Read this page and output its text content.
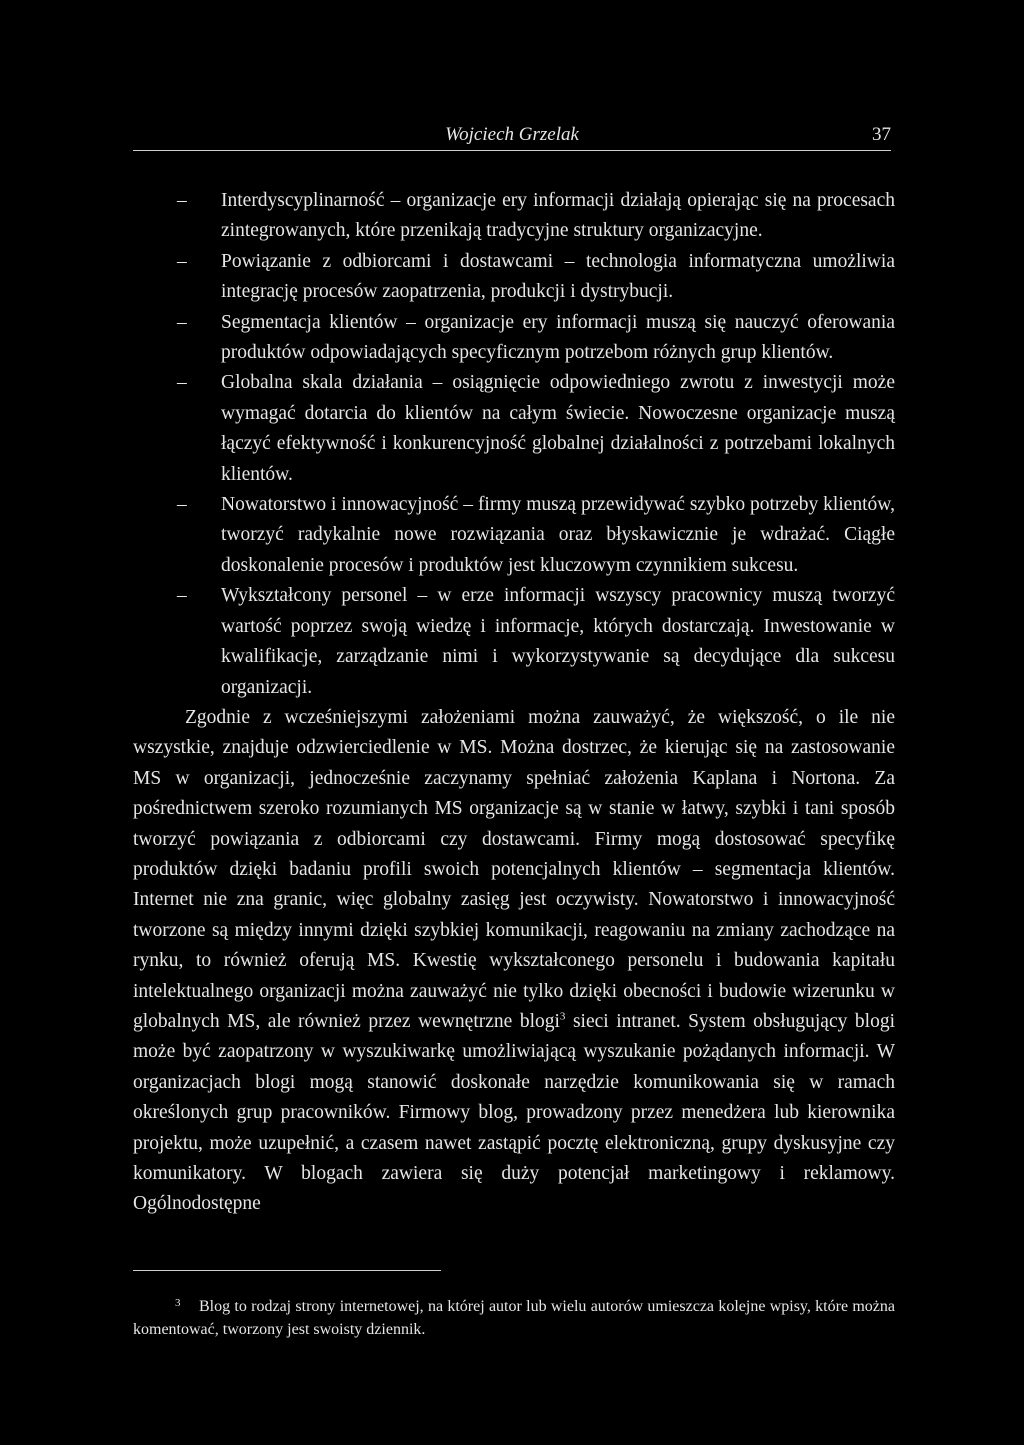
Wojciech Grzelak	37
– Interdyscyplinarność – organizacje ery informacji działają opierając się na procesach zintegrowanych, które przenikają tradycyjne struktury organizacyjne.
– Powiązanie z odbiorcami i dostawcami – technologia informatyczna umożliwia integrację procesów zaopatrzenia, produkcji i dystrybucji.
– Segmentacja klientów – organizacje ery informacji muszą się nauczyć oferowania produktów odpowiadających specyficznym potrzebom różnych grup klientów.
– Globalna skala działania – osiągnięcie odpowiedniego zwrotu z inwestycji może wymagać dotarcia do klientów na całym świecie. Nowoczesne organizacje muszą łączyć efektywność i konkurencyjność globalnej działalności z potrzebami lokalnych klientów.
– Nowatorstwo i innowacyjność – firmy muszą przewidywać szybko potrzeby klientów, tworzyć radykalnie nowe rozwiązania oraz błyskawicznie je wdrażać. Ciągłe doskonalenie procesów i produktów jest kluczowym czynnikiem sukcesu.
– Wykształcony personel – w erze informacji wszyscy pracownicy muszą tworzyć wartość poprzez swoją wiedzę i informacje, których dostarczają. Inwestowanie w kwalifikacje, zarządzanie nimi i wykorzystywanie są decydujące dla sukcesu organizacji.

Zgodnie z wcześniejszymi założeniami można zauważyć, że większość, o ile nie wszystkie, znajduje odzwierciedlenie w MS. Można dostrzec, że kierując się na zastosowanie MS w organizacji, jednocześnie zaczynamy spełniać założenia Kaplana i Nortona. Za pośrednictwem szeroko rozumianych MS organizacje są w stanie w łatwy, szybki i tani sposób tworzyć powiązania z odbiorcami czy dostawcami. Firmy mogą dostosować specyfikę produktów dzięki badaniu profili swoich potencjalnych klientów – segmentacja klientów. Internet nie zna granic, więc globalny zasięg jest oczywisty. Nowatorstwo i innowacyjność tworzone są między innymi dzięki szybkiej komunikacji, reagowaniu na zmiany zachodzące na rynku, to również oferują MS. Kwestię wykształconego personelu i budowania kapitału intelektualnego organizacji można zauważyć nie tylko dzięki obecności i budowie wizerunku w globalnych MS, ale również przez wewnętrzne blogi$^3$ sieci intranet. System obsługujący blogi może być zaopatrzony w wyszukiwarkę umożliwiającą wyszukanie pożądanych informacji. W organizacjach blogi mogą stanowić doskonałe narzędzie komunikowania się w ramach określonych grup pracowników. Firmowy blog, prowadzony przez menedżera lub kierownika projektu, może uzupełnić, a czasem nawet zastąpić pocztę elektroniczną, grupy dyskusyjne czy komunikatory. W blogach zawiera się duży potencjał marketingowy i reklamowy. Ogólnodostępne

3 Blog to rodzaj strony internetowej, na której autor lub wielu autorów umieszcza kolejne wpisy, które można komentować, tworzony jest swoisty dziennik.
